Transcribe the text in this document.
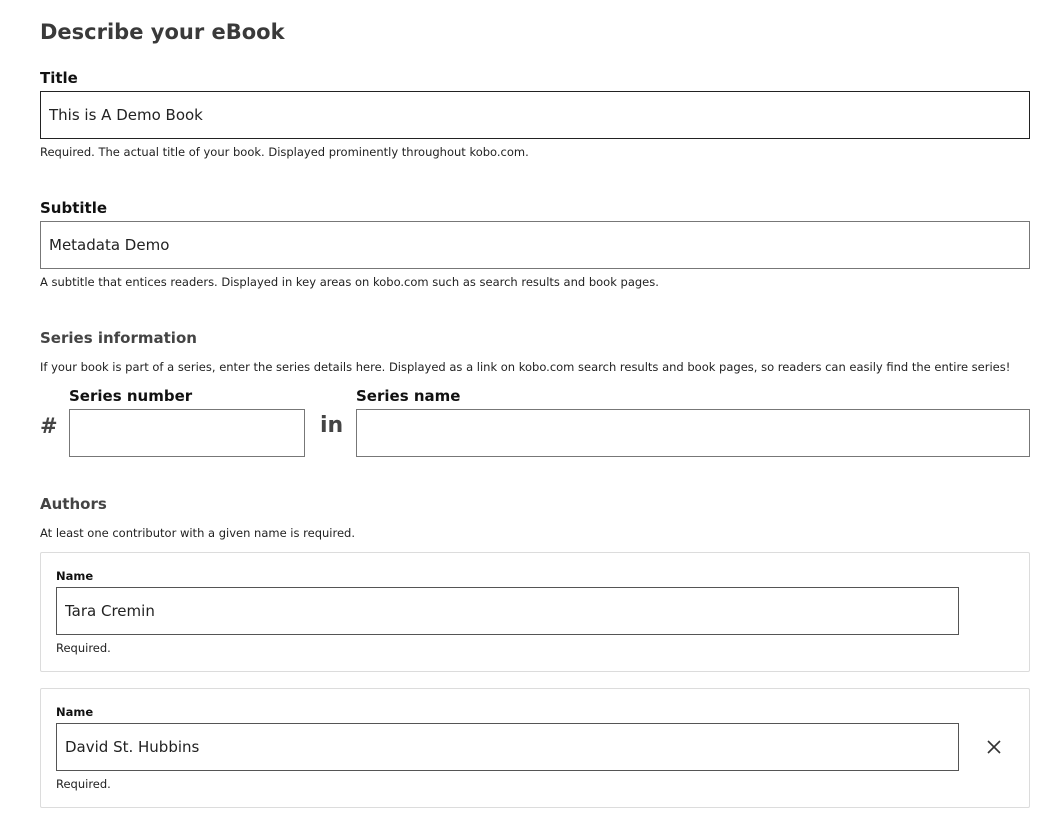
Describe your eBook
Title
This is A Demo Book

Required. The actual title of your book. Displayed prominently throughout kobo.com.

Subtitle
Metadata Demo

A subtitle that entices readers. Displayed in key areas on kobo.com such as search results and book pages.

Series information

If your book is part of a series, enter the series details here. Displayed as a link on kobo.com search results and book pages, so readers can easily find the entire series!

Series number
#	in
Series name
Authors

At least one contributor with a given name is required.

Name
Tara Cremin
Required.
Name
David St. Hubbins
Required.
